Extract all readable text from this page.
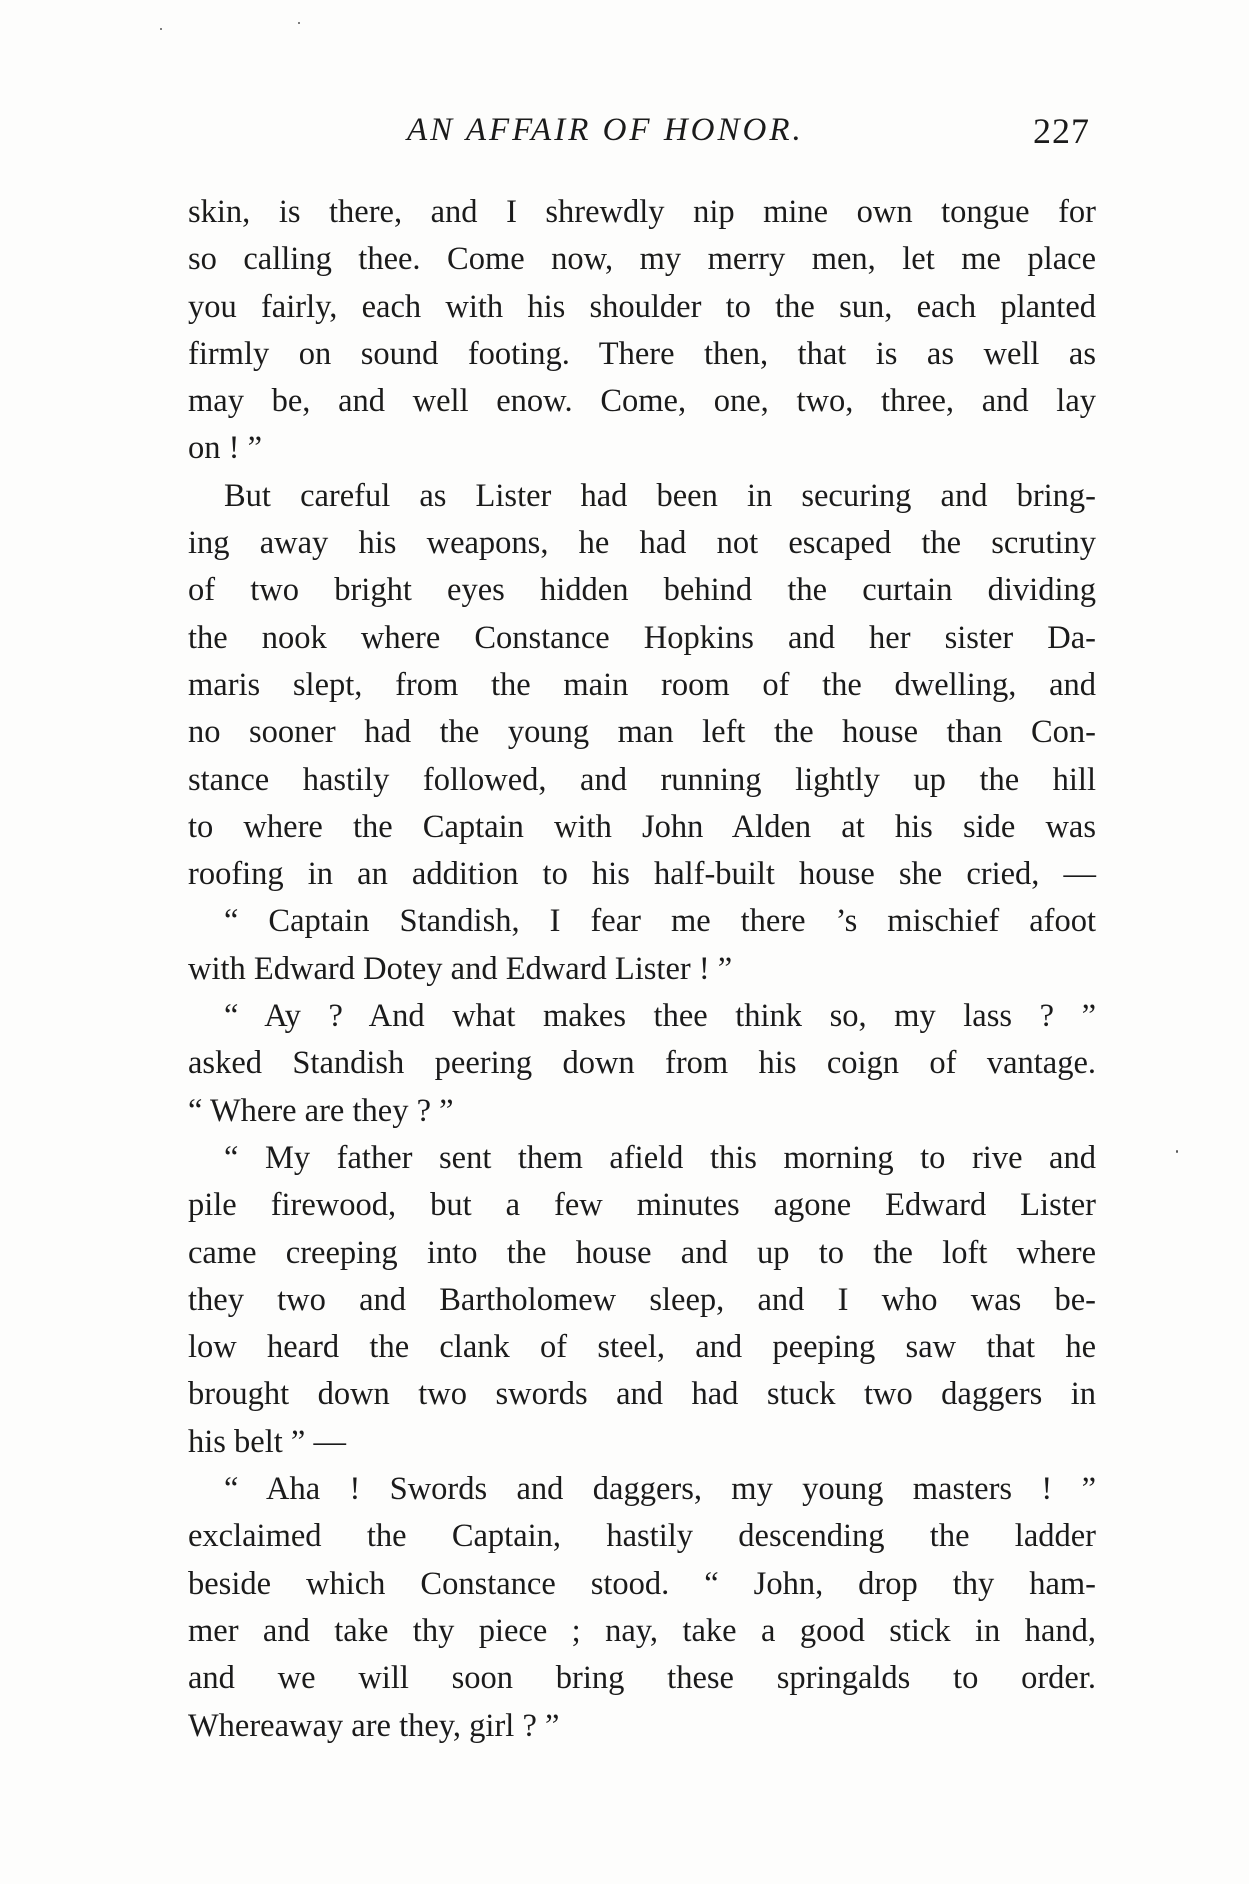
AN AFFAIR OF HONOR.	227
skin, is there, and I shrewdly nip mine own tongue for
so calling thee. Come now, my merry men, let me place
you fairly, each with his shoulder to the sun, each planted
firmly on sound footing. There then, that is as well as
may be, and well enow. Come, one, two, three, and lay
on ! ”
But careful as Lister had been in securing and bring-
ing away his weapons, he had not escaped the scrutiny
of two bright eyes hidden behind the curtain dividing
the nook where Constance Hopkins and her sister Da-
maris slept, from the main room of the dwelling, and
no sooner had the young man left the house than Con-
stance hastily followed, and running lightly up the hill
to where the Captain with John Alden at his side was
roofing in an addition to his half-built house she cried, —
“ Captain Standish, I fear me there ’s mischief afoot
with Edward Dotey and Edward Lister ! ”
“ Ay ? And what makes thee think so, my lass ? ”
asked Standish peering down from his coign of vantage.
“ Where are they ? ”
“ My father sent them afield this morning to rive and
pile firewood, but a few minutes agone Edward Lister
came creeping into the house and up to the loft where
they two and Bartholomew sleep, and I who was be-
low heard the clank of steel, and peeping saw that he
brought down two swords and had stuck two daggers in
his belt ” —
“ Aha ! Swords and daggers, my young masters ! ”
exclaimed the Captain, hastily descending the ladder
beside which Constance stood. “ John, drop thy ham-
mer and take thy piece ; nay, take a good stick in hand,
and we will soon bring these springalds to order.
Whereaway are they, girl ? ”
